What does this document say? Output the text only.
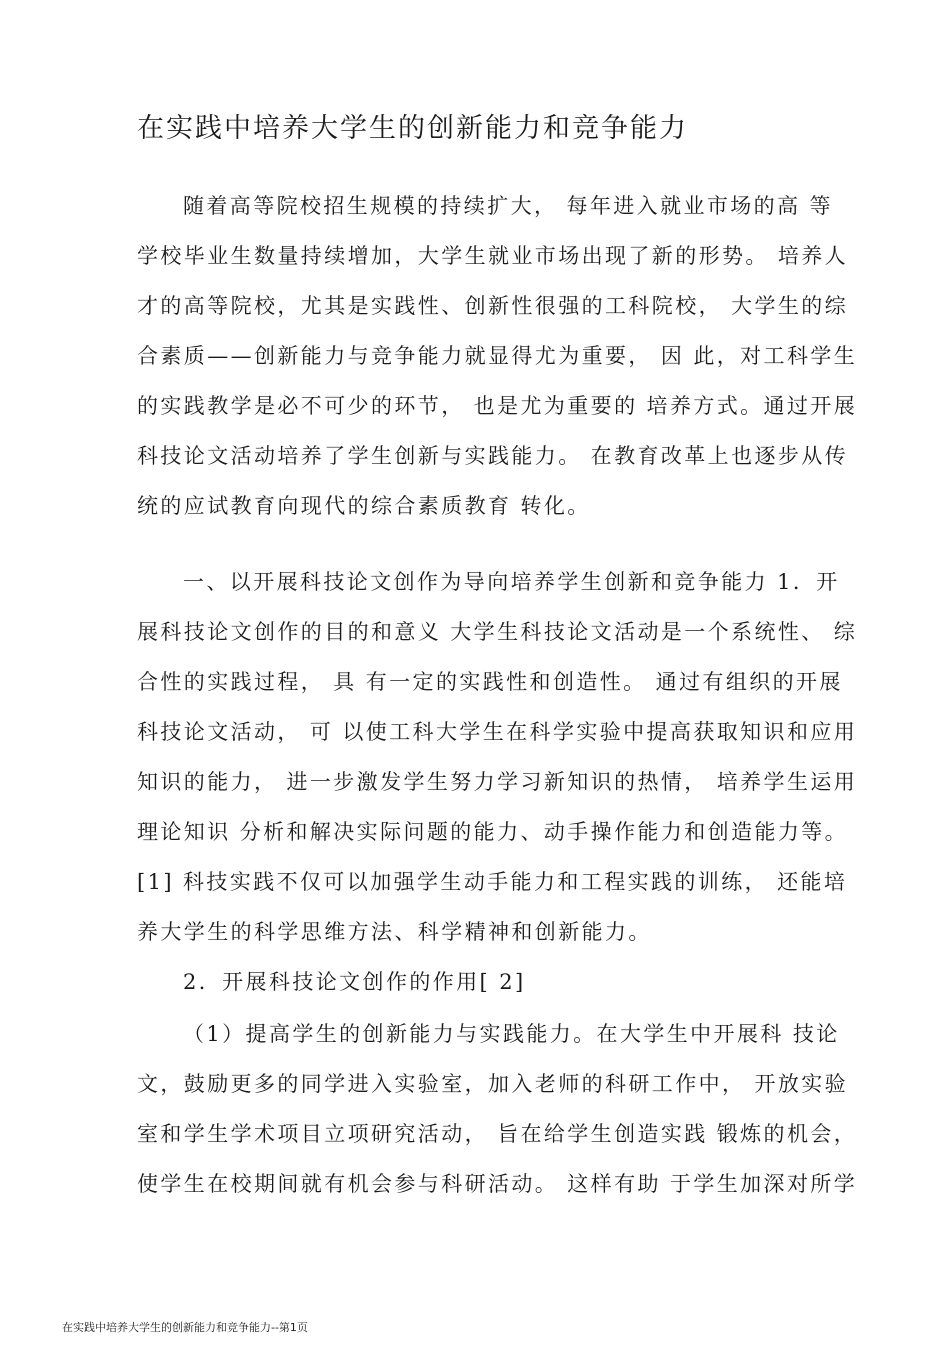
在实践中培养大学生的创新能力和竞争能力
随着高等院校招生规模的持续扩大， 每年进入就业市场的高 等
学校毕业生数量持续增加，大学生就业市场出现了新的形势。 培养人
才的高等院校，尤其是实践性、创新性很强的工科院校， 大学生的综
合素质——创新能力与竞争能力就显得尤为重要， 因 此，对工科学生
的实践教学是必不可少的环节， 也是尤为重要的 培养方式。通过开展
科技论文活动培养了学生创新与实践能力。 在教育改革上也逐步从传
统的应试教育向现代的综合素质教育 转化。
一、以开展科技论文创作为导向培养学生创新和竞争能力 1．开
展科技论文创作的目的和意义 大学生科技论文活动是一个系统性、 综
合性的实践过程， 具 有一定的实践性和创造性。 通过有组织的开展
科技论文活动， 可 以使工科大学生在科学实验中提高获取知识和应用
知识的能力， 进一步激发学生努力学习新知识的热情， 培养学生运用
理论知识 分析和解决实际问题的能力、动手操作能力和创造能力等。
[1] 科技实践不仅可以加强学生动手能力和工程实践的训练， 还能培
养大学生的科学思维方法、科学精神和创新能力。
2．开展科技论文创作的作用[ 2]
（1）提高学生的创新能力与实践能力。在大学生中开展科 技论
文，鼓励更多的同学进入实验室，加入老师的科研工作中， 开放实验
室和学生学术项目立项研究活动， 旨在给学生创造实践 锻炼的机会，
使学生在校期间就有机会参与科研活动。 这样有助 于学生加深对所学
在实践中培养大学生的创新能力和竞争能力--第1页
